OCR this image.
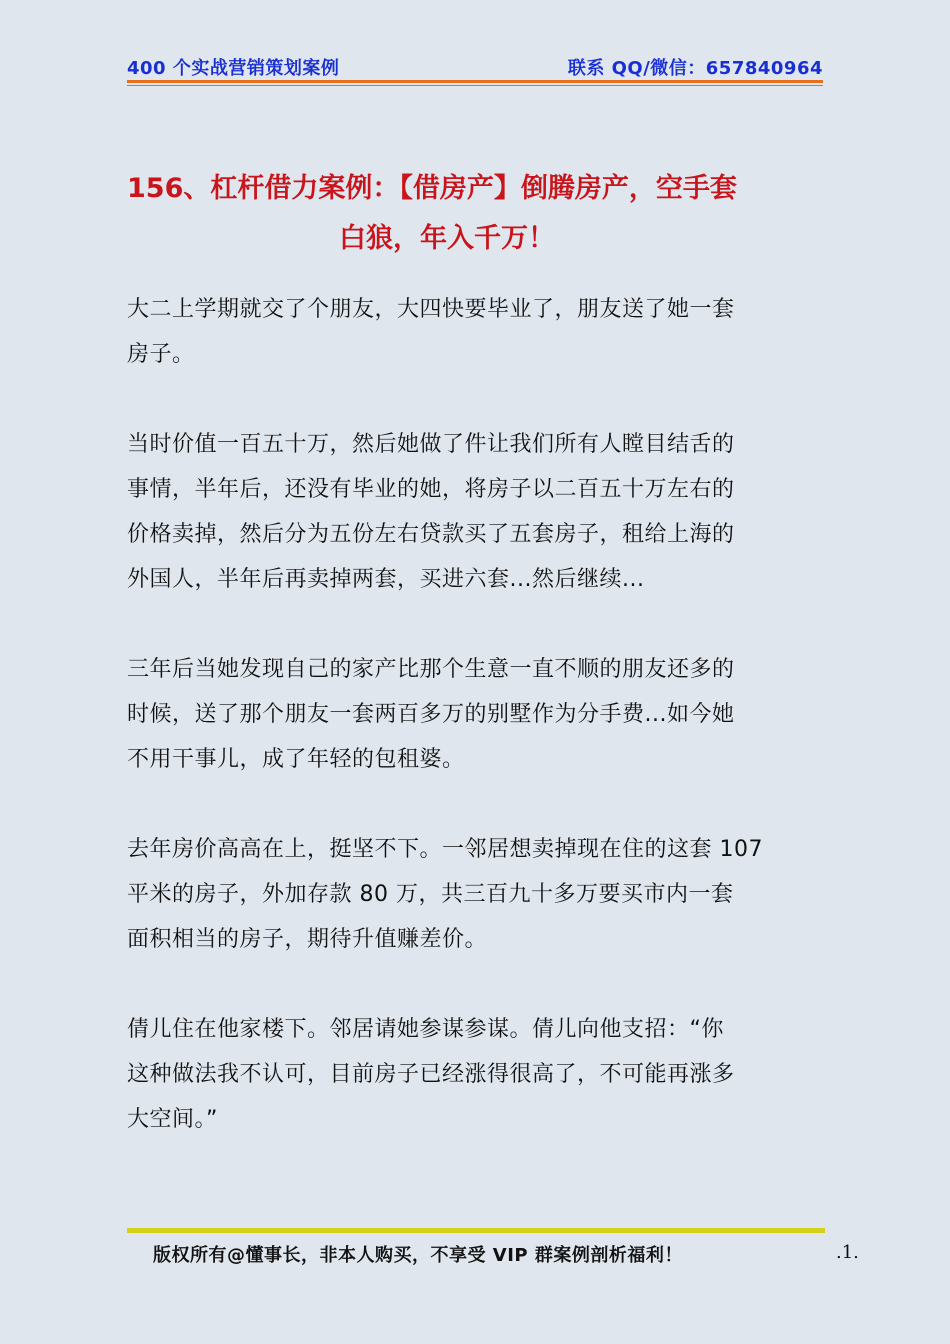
400 个实战营销策划案例	联系 QQ/微信：657840964
156、杠杆借力案例：【借房产】倒腾房产，空手套
白狼，年入千万！
大二上学期就交了个朋友，大四快要毕业了，朋友送了她一套
房子。
当时价值一百五十万，然后她做了件让我们所有人瞠目结舌的
事情，半年后，还没有毕业的她，将房子以二百五十万左右的
价格卖掉，然后分为五份左右贷款买了五套房子，租给上海的
外国人，半年后再卖掉两套，买进六套...然后继续...
三年后当她发现自己的家产比那个生意一直不顺的朋友还多的
时候，送了那个朋友一套两百多万的别墅作为分手费...如今她
不用干事儿，成了年轻的包租婆。
去年房价高高在上，挺坚不下。一邻居想卖掉现在住的这套 107
平米的房子，外加存款 80 万，共三百九十多万要买市内一套
面积相当的房子，期待升值赚差价。
倩儿住在他家楼下。邻居请她参谋参谋。倩儿向他支招：“你
这种做法我不认可，目前房子已经涨得很高了，不可能再涨多
大空间。”
版权所有@懂事长，非本人购买，不享受 VIP 群案例剖析福利！	.1.
